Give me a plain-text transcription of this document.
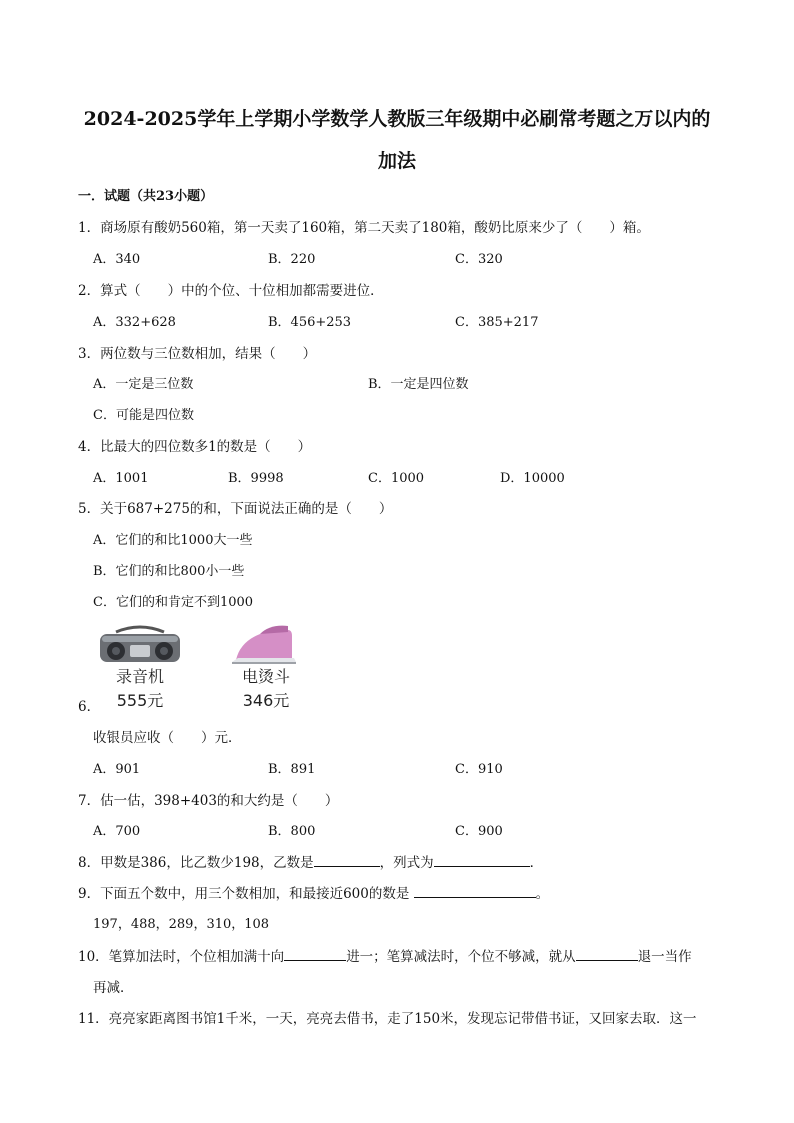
2024-2025学年上学期小学数学人教版三年级期中必刷常考题之万以内的
加法
一．试题（共23小题）
1．商场原有酸奶560箱，第一天卖了160箱，第二天卖了180箱，酸奶比原来少了（　　）箱。
A．340	B．220	C．320
2．算式（　　）中的个位、十位相加都需要进位．
A．332+628	B．456+253	C．385+217
3．两位数与三位数相加，结果（　　）
A．一定是三位数	B．一定是四位数
C．可能是四位数
4．比最大的四位数多1的数是（　　）
A．1001	B．9998	C．1000	D．10000
5．关于687+275的和，下面说法正确的是（　　）
A．它们的和比1000大一些
B．它们的和比800小一些
C．它们的和肯定不到1000
6．
录音机
555元
电烫斗
346元
收银员应收（　　）元．
A．901	B．891	C．910
7．估一估，398+403的和大约是（　　）
A．700	B．800	C．900
8．甲数是386，比乙数少198，乙数是	，列式为	．
9．下面五个数中，用三个数相加，和最接近600的数是	。
197，488，289，310，108
10．笔算加法时，个位相加满十向	进一；笔算减法时，个位不够减，就从	退一当作
再减．
11．亮亮家距离图书馆1千米，一天，亮亮去借书，走了150米，发现忘记带借书证，又回家去取．这一
